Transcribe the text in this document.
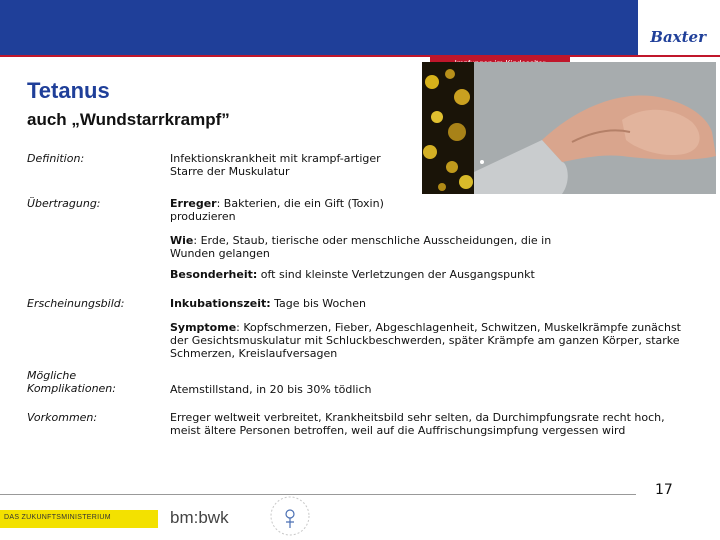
Baxter
Tetanus
auch „Wundstarrkrampf”
Definition:	Infektionskrankheit mit krampf-artiger Starre der Muskulatur
Übertragung:	Erreger: Bakterien, die ein Gift (Toxin) produzieren
Wie: Erde, Staub, tierische oder menschliche Ausscheidungen, die in Wunden gelangen
Besonderheit: oft sind kleinste Verletzungen der Ausgangspunkt
Erscheinungsbild:	Inkubationszeit: Tage bis Wochen
Symptome: Kopfschmerzen, Fieber, Abgeschlagenheit, Schwitzen, Muskelkrämpfe zunächst der Gesichtsmuskulatur mit Schluckbeschwerden, später Krämpfe am ganzen Körper, starke Schmerzen, Kreislaufversagen
Mögliche Komplikationen:	Atemstillstand, in 20 bis 30% tödlich
Vorkommen:	Erreger weltweit verbreitet, Krankheitsbild sehr selten, da Durchimpfungsrate recht hoch, meist ältere Personen betroffen, weil auf die Auffrischungsimpfung vergessen wird
17
DAS ZUKUNFTSMINISTERIUM	bm:bwk
